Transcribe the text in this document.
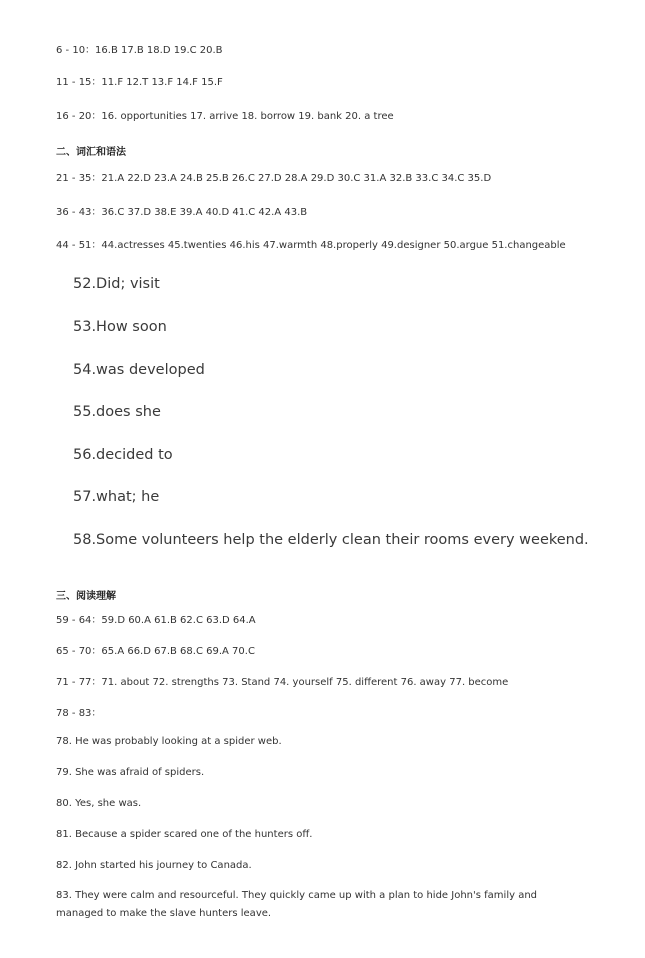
6 - 10：16.B 17.B 18.D 19.C 20.B
11 - 15：11.F 12.T 13.F 14.F 15.F
16 - 20：16. opportunities 17. arrive 18. borrow 19. bank 20. a tree
二、词汇和语法
21 - 35：21.A 22.D 23.A 24.B 25.B 26.C 27.D 28.A 29.D 30.C 31.A 32.B 33.C 34.C 35.D
36 - 43：36.C 37.D 38.E 39.A 40.D 41.C 42.A 43.B
44 - 51：44.actresses 45.twenties 46.his 47.warmth 48.properly 49.designer 50.argue 51.changeable
52.Did; visit
53.How soon
54.was developed
55.does she
56.decided to
57.what; he
58.Some volunteers help the elderly clean their rooms every weekend.
三、阅读理解
59 - 64：59.D 60.A 61.B 62.C 63.D 64.A
65 - 70：65.A 66.D 67.B 68.C 69.A 70.C
71 - 77：71. about 72. strengths 73. Stand 74. yourself 75. different 76. away 77. become
78 - 83：
78. He was probably looking at a spider web.
79. She was afraid of spiders.
80. Yes, she was.
81. Because a spider scared one of the hunters off.
82. John started his journey to Canada.
83. They were calm and resourceful. They quickly came up with a plan to hide John's family and managed to make the slave hunters leave.
